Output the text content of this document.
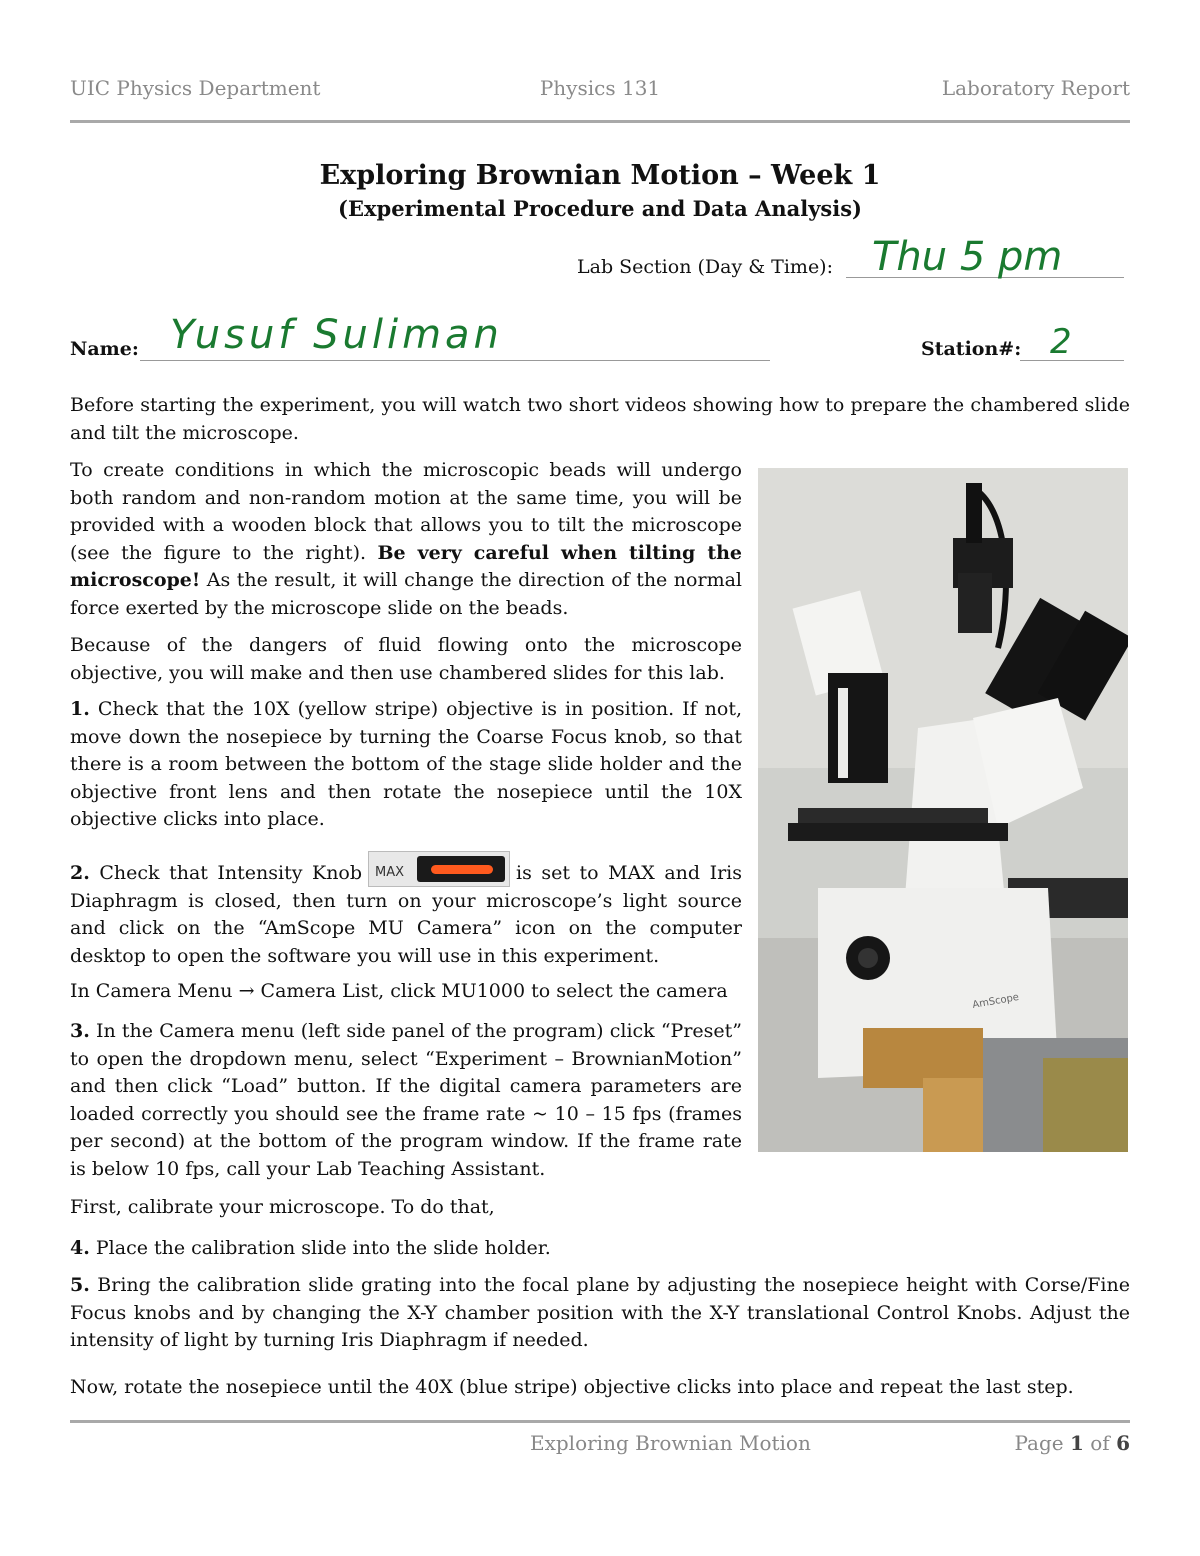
UIC Physics Department	Physics 131	Laboratory Report
Exploring Brownian Motion – Week 1
(Experimental Procedure and Data Analysis)
Lab Section (Day & Time): Thu 5 pm
Name: Yusuf Suliman	Station#: 2

Before starting the experiment, you will watch two short videos showing how to prepare the chambered slide and tilt the microscope.

To create conditions in which the microscopic beads will undergo both random and non-random motion at the same time, you will be provided with a wooden block that allows you to tilt the microscope (see the figure to the right). Be very careful when tilting the microscope! As the result, it will change the direction of the normal force exerted by the microscope slide on the beads.

Because of the dangers of fluid flowing onto the microscope objective, you will make and then use chambered slides for this lab.

1. Check that the 10X (yellow stripe) objective is in position. If not, move down the nosepiece by turning the Coarse Focus knob, so that there is a room between the bottom of the stage slide holder and the objective front lens and then rotate the nosepiece until the 10X objective clicks into place.

2. Check that Intensity Knob MAX	is set to MAX and Iris Diaphragm is closed, then turn on your microscope’s light source and click on the “AmScope MU Camera” icon on the computer desktop to open the software you will use in this experiment.

In Camera Menu → Camera List, click MU1000 to select the camera

3. In the Camera menu (left side panel of the program) click “Preset” to open the dropdown menu, select “Experiment – BrownianMotion” and then click “Load” button. If the digital camera parameters are loaded correctly you should see the frame rate ~ 10 – 15 fps (frames per second) at the bottom of the program window. If the frame rate is below 10 fps, call your Lab Teaching Assistant.

First, calibrate your microscope. To do that,

4. Place the calibration slide into the slide holder.

5. Bring the calibration slide grating into the focal plane by adjusting the nosepiece height with Corse/Fine Focus knobs and by changing the X-Y chamber position with the X-Y translational Control Knobs. Adjust the intensity of light by turning Iris Diaphragm if needed.

Now, rotate the nosepiece until the 40X (blue stripe) objective clicks into place and repeat the last step.

AmScope
Exploring Brownian Motion	Page 1 of 6
